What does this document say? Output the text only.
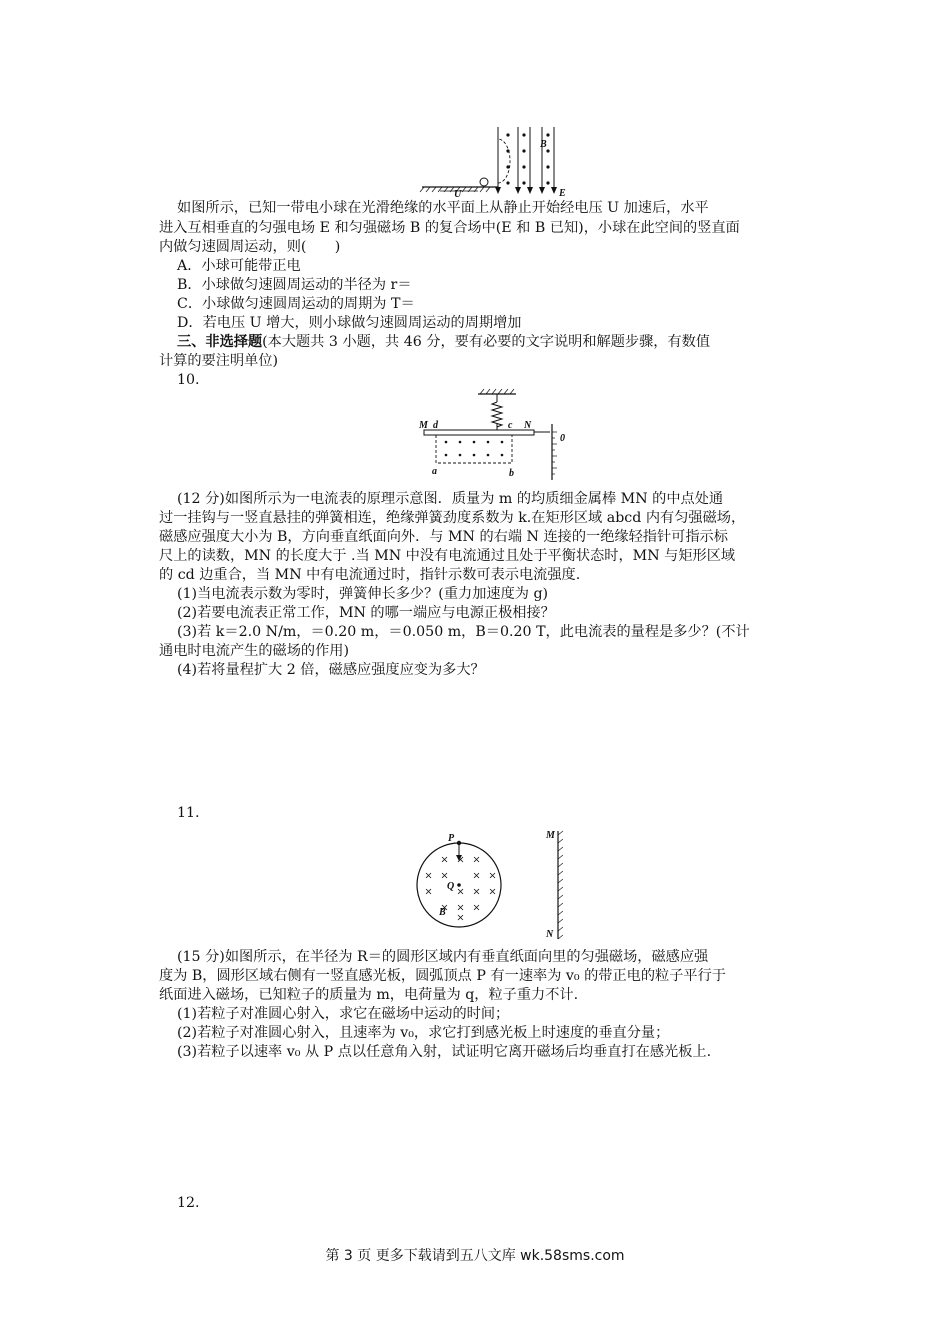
B
E
U
如图所示，已知一带电小球在光滑绝缘的水平面上从静止开始经电压 U 加速后，水平
进入互相垂直的匀强电场 E 和匀强磁场 B 的复合场中(E 和 B 已知)，小球在此空间的竖直面
内做匀速圆周运动，则(　　)
A．小球可能带正电
B．小球做匀速圆周运动的半径为 r＝
C．小球做匀速圆周运动的周期为 T＝
D．若电压 U 增大，则小球做匀速圆周运动的周期增加
三、非选择题(本大题共 3 小题，共 46 分，要有必要的文字说明和解题步骤，有数值
计算的要注明单位)
10.
M d	c N
0
a	b
(12 分)如图所示为一电流表的原理示意图．质量为 m 的均质细金属棒 MN 的中点处通
过一挂钩与一竖直悬挂的弹簧相连，绝缘弹簧劲度系数为 k.在矩形区域 abcd 内有匀强磁场，
磁感应强度大小为 B，方向垂直纸面向外．与 MN 的右端 N 连接的一绝缘轻指针可指示标
尺上的读数，MN 的长度大于 .当 MN 中没有电流通过且处于平衡状态时，MN 与矩形区域
的 cd 边重合，当 MN 中有电流通过时，指针示数可表示电流强度.
(1)当电流表示数为零时，弹簧伸长多少？(重力加速度为 g)
(2)若要电流表正常工作，MN 的哪一端应与电源正极相接？
(3)若 k＝2.0 N/m，＝0.20 m，＝0.050 m，B＝0.20 T，此电流表的量程是多少？(不计
通电时电流产生的磁场的作用)
(4)若将量程扩大 2 倍，磁感应强度应变为多大？
11.
P
Q
B
M
N
(15 分)如图所示，在半径为 R＝的圆形区域内有垂直纸面向里的匀强磁场，磁感应强
度为 B，圆形区域右侧有一竖直感光板，圆弧顶点 P 有一速率为 v₀ 的带正电的粒子平行于
纸面进入磁场，已知粒子的质量为 m，电荷量为 q，粒子重力不计.
(1)若粒子对准圆心射入，求它在磁场中运动的时间；
(2)若粒子对准圆心射入，且速率为 v₀，求它打到感光板上时速度的垂直分量；
(3)若粒子以速率 v₀ 从 P 点以任意角入射，试证明它离开磁场后均垂直打在感光板上.
12.
第 3 页 更多下载请到五八文库 wk.58sms.com
